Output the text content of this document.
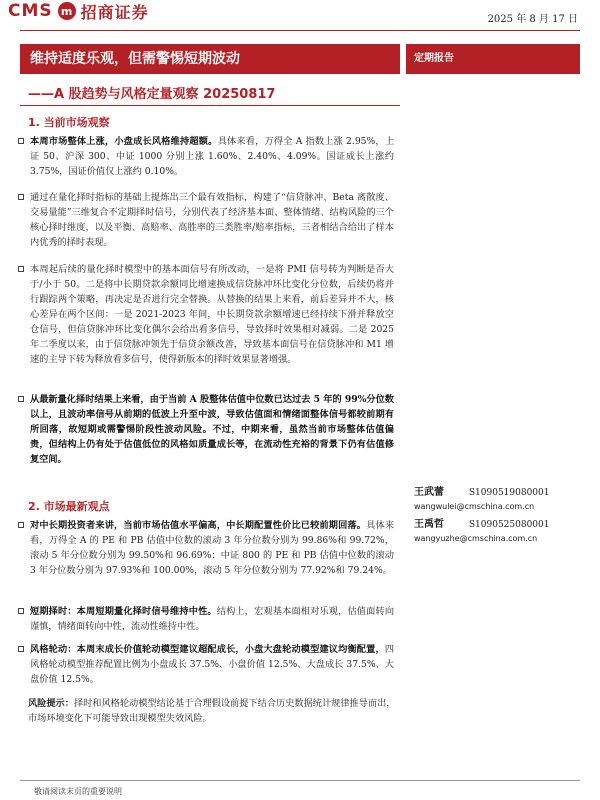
CMS m 招商证券	2025 年 8 月 17 日
维持适度乐观，但需警惕短期波动	定期报告
——A 股趋势与风格定量观察 20250817
1. 当前市场观察
本周市场整体上涨，小盘成长风格维持超额。具体来看，万得全 A 指数上涨 2.95%，上证 50、沪深 300、中证 1000 分别上涨 1.60%、2.40%、4.09%。国证成长上涨约 3.75%，国证价值仅上涨约 0.10%。
通过在量化择时指标的基础上提炼出三个最有效指标，构建了“信贷脉冲、Beta 离散度、交易量能”三维复合不定期择时信号，分别代表了经济基本面、整体情绪、结构风险的三个核心择时维度，以及平衡、高赔率、高胜率的三类胜率/赔率指标，三者相结合给出了样本内优秀的择时表现。
本周起后续的量化择时模型中的基本面信号有所改动，一是将 PMI 信号转为判断是否大于/小于 50。二是将中长期贷款余额同比增速换成信贷脉冲环比变化分位数，后续仍将并行跟踪两个策略，再决定是否进行完全替换。从替换的结果上来看，前后差异并不大，核心差异在两个区间：一是 2021-2023 年间，中长期贷款余额增速已经持续下滑并释放空仓信号，但信贷脉冲环比变化偶尔会给出看多信号，导致择时效果相对减弱。二是 2025 年二季度以来，由于信贷脉冲领先于信贷余额改善，导致基本面信号在信贷脉冲和 M1 增速的主导下转为释放看多信号，使得新版本的择时效果显著增强。
从最新量化择时结果上来看，由于当前 A 股整体估值中位数已达过去 5 年的 99%分位数以上，且波动率信号从前期的低波上升至中波，导致估值面和情绪面整体信号都较前期有所回落，故短期或需警惕阶段性波动风险。不过，中期来看，虽然当前市场整体估值偏贵，但结构上仍有处于估值低位的风格如质量成长等，在流动性充裕的背景下仍有估值修复空间。
2. 市场最新观点
对中长期投资者来讲，当前市场估值水平偏高，中长期配置性价比已较前期回落。具体来看，万得全 A 的 PE 和 PB 估值中位数的滚动 3 年分位数分别为 99.86%和 99.72%，滚动 5 年分位数分别为 99.50%和 96.69%；中证 800 的 PE 和 PB 估值中位数的滚动 3 年分位数分别为 97.93%和 100.00%，滚动 5 年分位数分别为 77.92%和 79.24%。
短期择时：本周短期量化择时信号维持中性。结构上，宏观基本面相对乐观，估值面转向谨慎，情绪面转向中性，流动性维持中性。
风格轮动：本周末成长价值轮动模型建议超配成长，小盘大盘轮动模型建议均衡配置，四风格轮动模型推荐配置比例为小盘成长 37.5%、小盘价值 12.5%、大盘成长 37.5%、大盘价值 12.5%。
风险提示：择时和风格轮动模型结论基于合理假设前提下结合历史数据统计规律推导而出，市场环境变化下可能导致出现模型失效风险。
王武蕾	S1090519080001
wangwulei@cmschina.com.cn
王禹哲	S1090525080001
wangyuzhe@cmschina.com.cn
敬请阅读末页的重要说明
